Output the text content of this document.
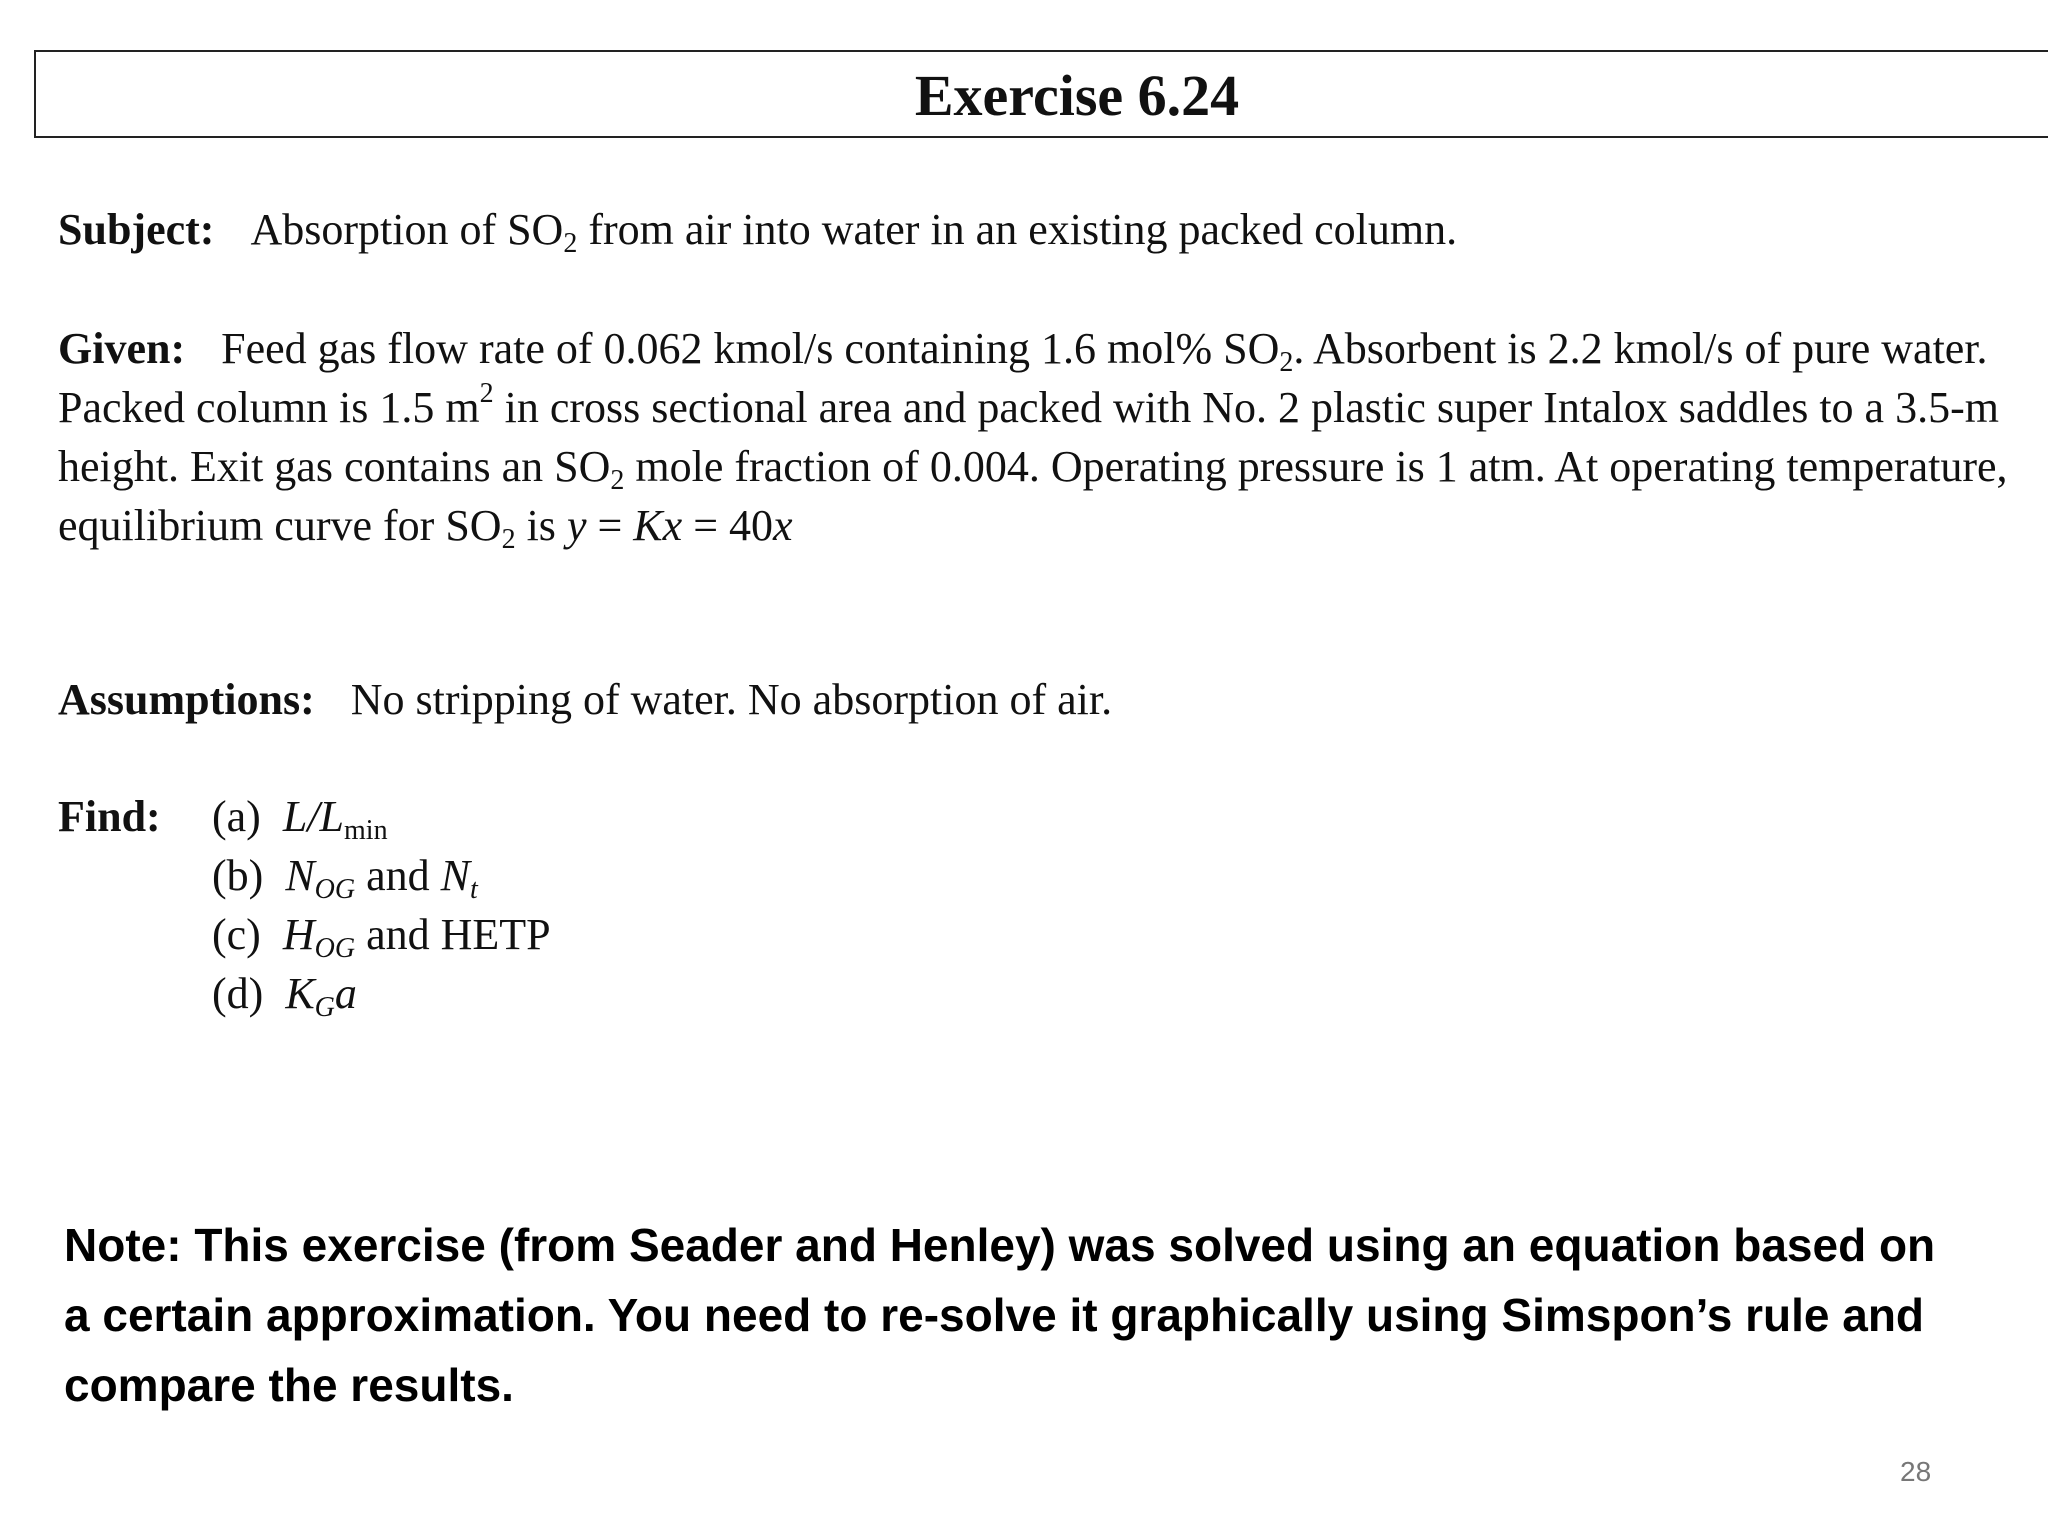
Exercise 6.24
Subject: Absorption of $SO_2$ from air into water in an existing packed column.
Given: Feed gas flow rate of 0.062 kmol/s containing 1.6 mol% $SO_2$. Absorbent is 2.2 kmol/s of pure water. Packed column is 1.5 $m^2$ in cross sectional area and packed with No. 2 plastic super Intalox saddles to a 3.5-m height. Exit gas contains an $SO_2$ mole fraction of 0.004. Operating pressure is 1 atm. At operating temperature, equilibrium curve for $SO_2$ is y = Kx = 40x
Assumptions: No stripping of water. No absorption of air.
Find: (a) $L/L_{min}$
(b) $N_{OG}$ and $N_t$
(c) $H_{OG}$ and HETP
(d) $K_Ga$
Note: This exercise (from Seader and Henley) was solved using an equation based on a certain approximation. You need to re-solve it graphically using Simspon’s rule and compare the results.
28
